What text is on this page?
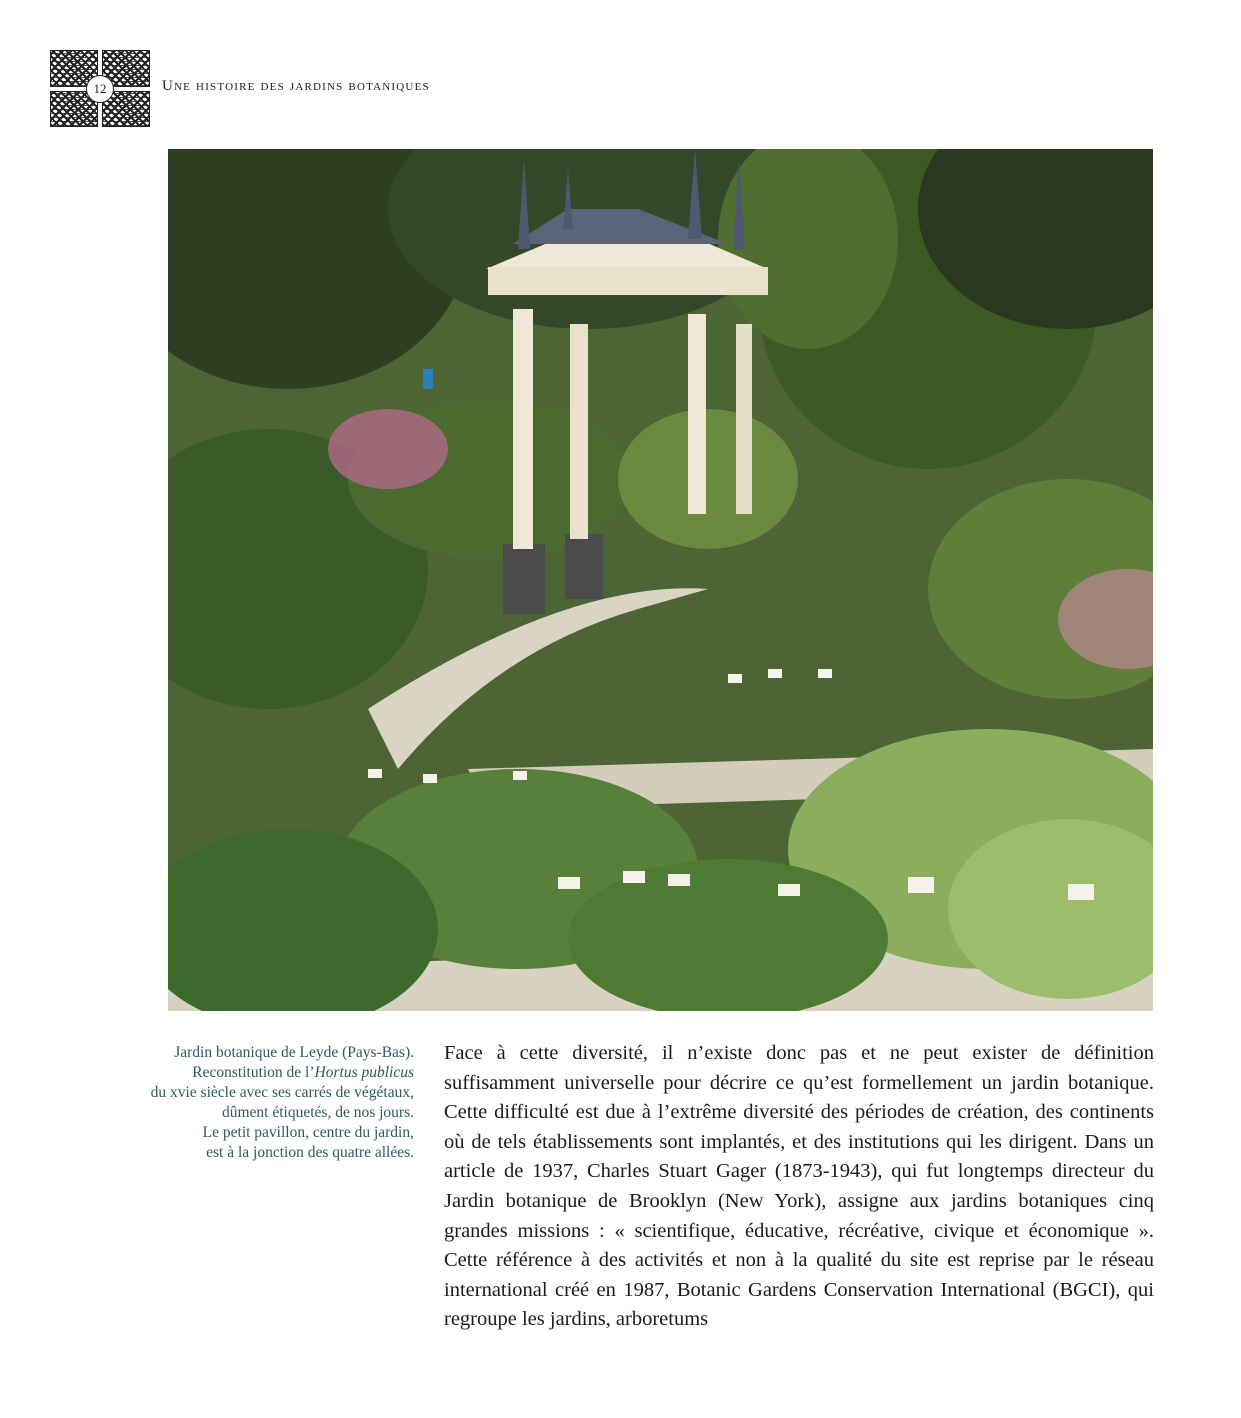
12	Une histoire des jardins botaniques
Jardin botanique de Leyde (Pays-Bas).
Reconstitution de l’Hortus publicus
du xvie siècle avec ses carrés de végétaux,
dûment étiquetés, de nos jours.
Le petit pavillon, centre du jardin,
est à la jonction des quatre allées.

Face à cette diversité, il n’existe donc pas et ne peut exister de définition suffisamment universelle pour décrire ce qu’est formellement un jardin botanique. Cette difficulté est due à l’extrême diversité des périodes de création, des continents où de tels établissements sont implantés, et des institutions qui les dirigent. Dans un article de 1937, Charles Stuart Gager (1873-1943), qui fut longtemps directeur du Jardin botanique de Brooklyn (New York), assigne aux jardins botaniques cinq grandes missions : « scientifique, éducative, récréative, civique et économique ». Cette référence à des activités et non à la qualité du site est reprise par le réseau international créé en 1987, Botanic Gardens Conservation International (BGCI), qui regroupe les jardins, arboretums
